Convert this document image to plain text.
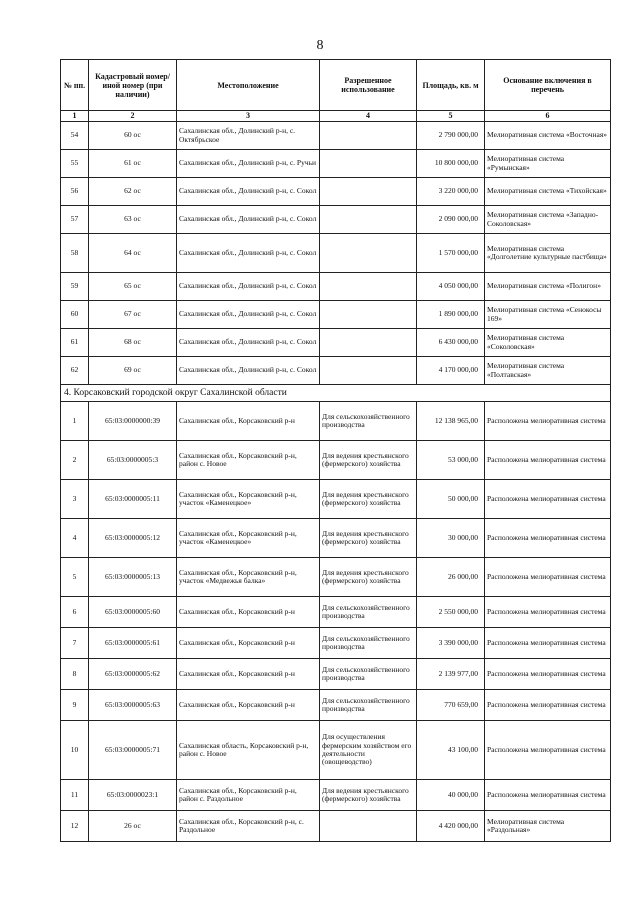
8
№ пп.	Кадастровый номер/иной номер (при наличии)	Местоположение	Разрешенное использование	Площадь, кв. м	Основание включения в перечень
1	2	3	4	5	6
54	60 ос	Сахалинская обл., Долинский р-н, с. Октябрьское		2 790 000,00	Мелиоративная система «Восточная»
55	61 ос	Сахалинская обл., Долинский р-н, с. Ручьи		10 800 000,00	Мелиоративная система «Румынская»
56	62 ос	Сахалинская обл., Долинский р-н, с. Сокол		3 220 000,00	Мелиоративная система «Тихойская»
57	63 ос	Сахалинская обл., Долинский р-н, с. Сокол		2 090 000,00	Мелиоративная система «Западно-Соколовская»
58	64 ос	Сахалинская обл., Долинский р-н, с. Сокол		1 570 000,00	Мелиоративная система «Долголетние культурные пастбища»
59	65 ос	Сахалинская обл., Долинский р-н, с. Сокол		4 050 000,00	Мелиоративная система «Полигон»
60	67 ос	Сахалинская обл., Долинский р-н, с. Сокол		1 890 000,00	Мелиоративная система «Сенокосы 169»
61	68 ос	Сахалинская обл., Долинский р-н, с. Сокол		6 430 000,00	Мелиоративная система «Соколовская»
62	69 ос	Сахалинская обл., Долинский р-н, с. Сокол		4 170 000,00	Мелиоративная система «Полтавская»
4. Корсаковский городской округ Сахалинской области					
1	65:03:0000000:39	Сахалинская обл., Корсаковский р-н	Для сельскохозяйственного производства	12 138 965,00	Расположена мелиоративная система
2	65:03:0000005:3	Сахалинская обл., Корсаковский р-н, район с. Новое	Для ведения крестьянского (фермерского) хозяйства	53 000,00	Расположена мелиоративная система
3	65:03:0000005:11	Сахалинская обл., Корсаковский р-н, участок «Каменецкое»	Для ведения крестьянского (фермерского) хозяйства	50 000,00	Расположена мелиоративная система
4	65:03:0000005:12	Сахалинская обл., Корсаковский р-н, участок «Каменецкое»	Для ведения крестьянского (фермерского) хозяйства	30 000,00	Расположена мелиоративная система
5	65:03:0000005:13	Сахалинская обл., Корсаковский р-н, участок «Медвежья балка»	Для ведения крестьянского (фермерского) хозяйства	26 000,00	Расположена мелиоративная система
6	65:03:0000005:60	Сахалинская обл., Корсаковский р-н	Для сельскохозяйственного производства	2 550 000,00	Расположена мелиоративная система
7	65:03:0000005:61	Сахалинская обл., Корсаковский р-н	Для сельскохозяйственного производства	3 390 000,00	Расположена мелиоративная система
8	65:03:0000005:62	Сахалинская обл., Корсаковский р-н	Для сельскохозяйственного производства	2 139 977,00	Расположена мелиоративная система
9	65:03:0000005:63	Сахалинская обл., Корсаковский р-н	Для сельскохозяйственного производства	770 659,00	Расположена мелиоративная система
10	65:03:0000005:71	Сахалинская область, Корсаковский р-н, район с. Новое	Для осуществления фермерским хозяйством его деятельности (овощеводство)	43 100,00	Расположена мелиоративная система
11	65:03:0000023:1	Сахалинская обл., Корсаковский р-н, район с. Раздольное	Для ведения крестьянского (фермерского) хозяйства	40 000,00	Расположена мелиоративная система
12	26 ос	Сахалинская обл., Корсаковский р-н, с. Раздольное		4 420 000,00	Мелиоративная система «Раздольная»
